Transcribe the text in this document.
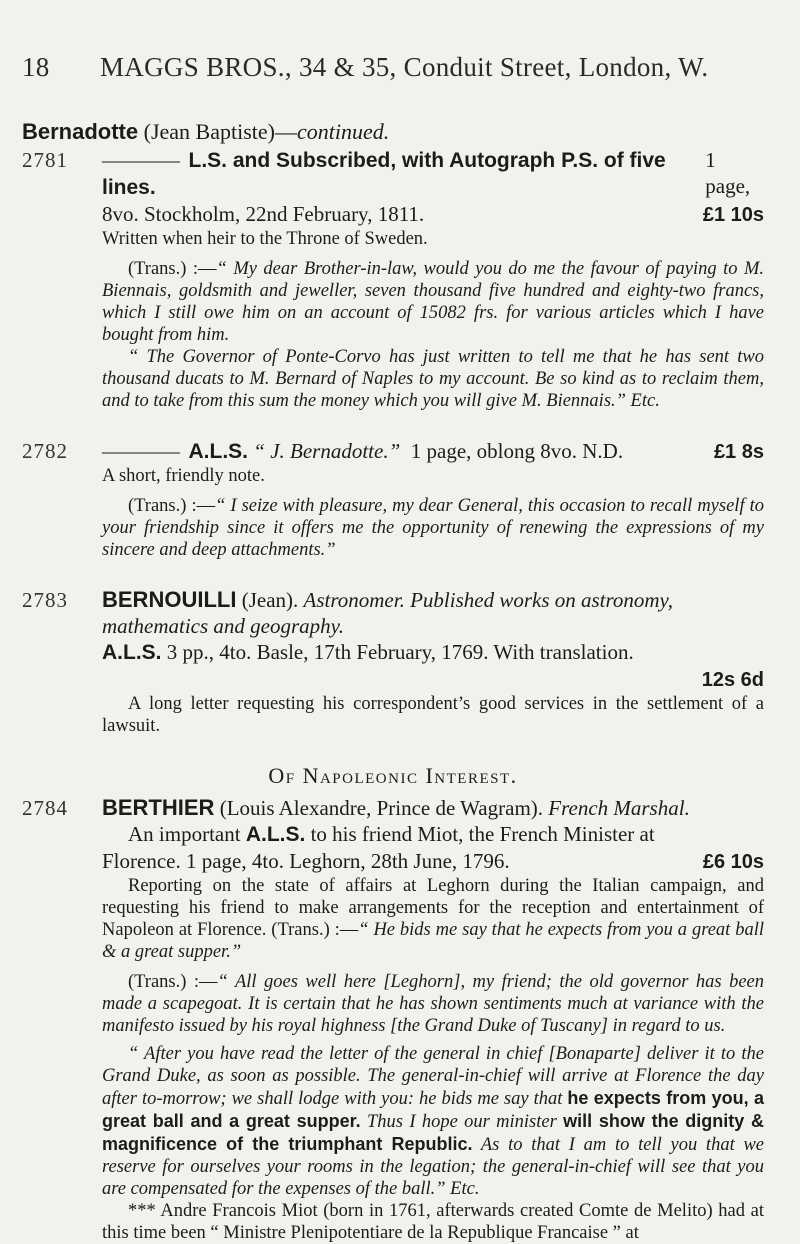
18	MAGGS BROS., 34 & 35, Conduit Street, London, W.
Bernadotte (Jean Baptiste)—continued.
2781	———— L.S. and Subscribed, with Autograph P.S. of five lines.
1 page,
8vo. Stockholm, 22nd February, 1811.	£1 10s

Written when heir to the Throne of Sweden.

(Trans.) :—“ My dear Brother-in-law, would you do me the favour of paying to M. Biennais, goldsmith and jeweller, seven thousand five hundred and eighty-two francs, which I still owe him on an account of 15082 frs. for various articles which I have bought from him.

“ The Governor of Ponte-Corvo has just written to tell me that he has sent two thousand ducats to M. Bernard of Naples to my account. Be so kind as to reclaim them, and to take from this sum the money which you will give M. Biennais.” Etc.

2782	———— A.L.S. “ J. Bernadotte.” 1 page, oblong 8vo. N.D.	£1 8s

A short, friendly note.

(Trans.) :—“ I seize with pleasure, my dear General, this occasion to recall myself to your friendship since it offers me the opportunity of renewing the expressions of my sincere and deep attachments.”

2783	BERNOUILLI (Jean). Astronomer. Published works on astronomy, mathematics and geography.
A.L.S. 3 pp., 4to. Basle, 17th February, 1769. With translation.
12s 6d

A long letter requesting his correspondent’s good services in the settlement of a lawsuit.

Of Napoleonic Interest.
2784	BERTHIER (Louis Alexandre, Prince de Wagram). French Marshal.
An important A.L.S. to his friend Miot, the French Minister at
Florence. 1 page, 4to. Leghorn, 28th June, 1796.	£6 10s

Reporting on the state of affairs at Leghorn during the Italian campaign, and requesting his friend to make arrangements for the reception and entertainment of Napoleon at Florence. (Trans.) :—“ He bids me say that he expects from you a great ball & a great supper.”

(Trans.) :—“ All goes well here [Leghorn], my friend; the old governor has been made a scapegoat. It is certain that he has shown sentiments much at variance with the manifesto issued by his royal highness [the Grand Duke of Tuscany] in regard to us.

“ After you have read the letter of the general in chief [Bonaparte] deliver it to the Grand Duke, as soon as possible. The general-in-chief will arrive at Florence the day after to-morrow; we shall lodge with you: he bids me say that he expects from you, a great ball and a great supper. Thus I hope our minister will show the dignity & magnificence of the triumphant Republic. As to that I am to tell you that we reserve for ourselves your rooms in the legation; the general-in-chief will see that you are compensated for the expenses of the ball.” Etc.

*** Andre Francois Miot (born in 1761, afterwards created Comte de Melito) had at this time been “ Ministre Plenipotentiare de la Republique Francaise ” at
